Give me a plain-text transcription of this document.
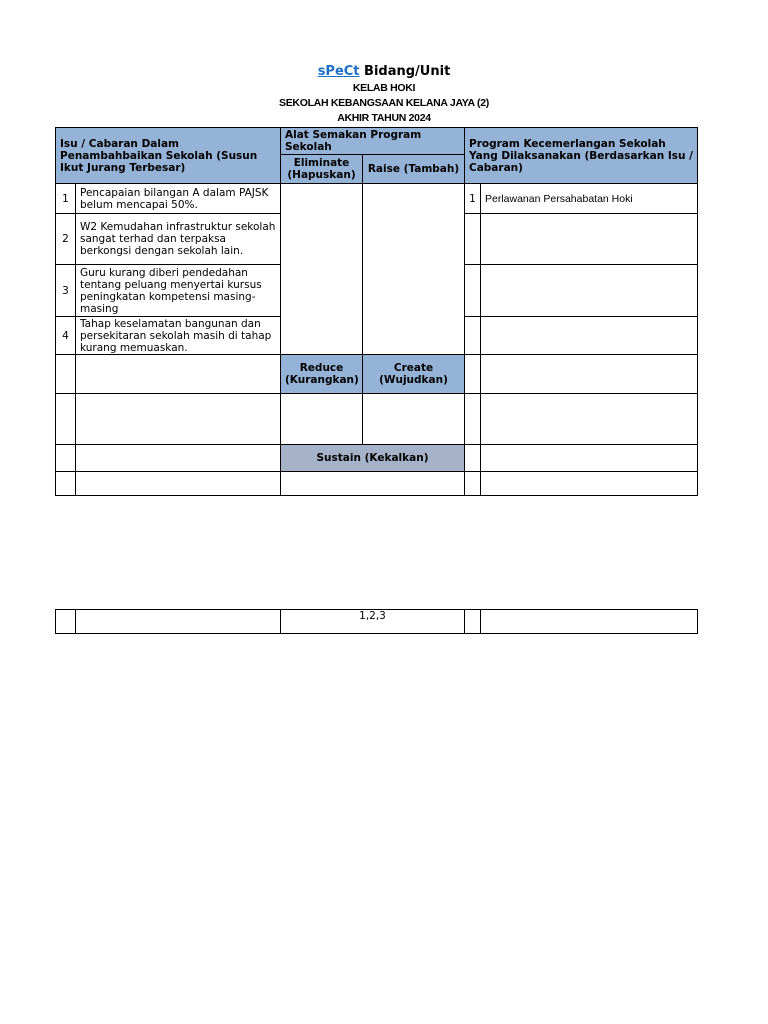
sPeCt Bidang/Unit
KELAB HOKI
SEKOLAH KEBANGSAAN KELANA JAYA (2)
AKHIR TAHUN 2024
Isu / Cabaran Dalam Penambahbaikan Sekolah (Susun Ikut Jurang Terbesar)		Alat Semakan Program Sekolah		Program Kecemerlangan Sekolah Yang Dilaksanakan (Berdasarkan Isu / Cabaran)	
		Eliminate (Hapuskan)	Raise (Tambah)		
1	Pencapaian bilangan A dalam PAJSK belum mencapai 50%.			1	Perlawanan Persahabatan Hoki
2	W2 Kemudahan infrastruktur sekolah sangat terhad dan terpaksa berkongsi dengan sekolah lain.				
3	Guru kurang diberi pendedahan tentang peluang menyertai kursus peningkatan kompetensi masing-masing				
4	Tahap keselamatan bangunan dan persekitaran sekolah masih di tahap kurang memuaskan.				
		Reduce (Kurangkan)	Create (Wujudkan)		

		Sustain (Kekalkan)			

		1,2,3		
